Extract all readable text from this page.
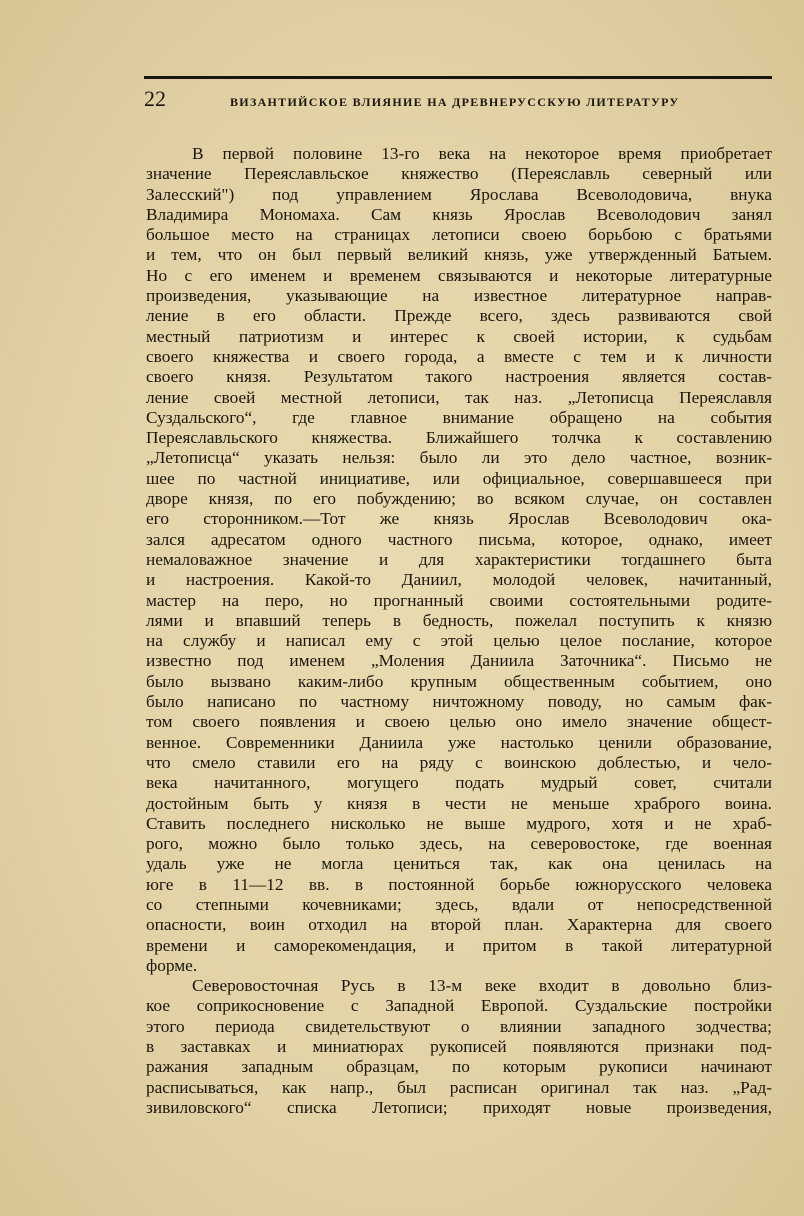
22	ВИЗАНТИЙСКОЕ ВЛИЯНИЕ НА ДРЕВНЕРУССКУЮ ЛИТЕРАТУРУ
В первой половине 13-го века на некоторое время приобретает
значение Переяславльское княжество (Переяславль северный или
Залесский") под управлением Ярослава Всеволодовича, внука
Владимира Мономаха. Сам князь Ярослав Всеволодович занял
большое место на страницах летописи своею борьбою с братьями
и тем, что он был первый великий князь, уже утвержденный Батыем.
Но с его именем и временем связываются и некоторые литературные
произведения, указывающие на известное литературное направ-
ление в его области. Прежде всего, здесь развиваются свой
местный патриотизм и интерес к своей истории, к судьбам
своего княжества и своего города, а вместе с тем и к личности
своего князя. Результатом такого настроения является состав-
ление своей местной летописи, так наз. „Летописца Переяславля
Суздальского“, где главное внимание обращено на события
Переяславльского княжества. Ближайшего толчка к составлению
„Летописца“ указать нельзя: было ли это дело частное, возник-
шее по частной инициативе, или официальное, совершавшееся при
дворе князя, по его побуждению; во всяком случае, он составлен
его сторонником.—Тот же князь Ярослав Всеволодович ока-
зался адресатом одного частного письма, которое, однако, имеет
немаловажное значение и для характеристики тогдашнего быта
и настроения. Какой-то Даниил, молодой человек, начитанный,
мастер на перо, но прогнанный своими состоятельными родите-
лями и впавший теперь в бедность, пожелал поступить к князю
на службу и написал ему с этой целью целое послание, которое
известно под именем „Моления Даниила Заточника“. Письмо не
было вызвано каким-либо крупным общественным событием, оно
было написано по частному ничтожному поводу, но самым фак-
том своего появления и своею целью оно имело значение общест-
венное. Современники Даниила уже настолько ценили образование,
что смело ставили его на ряду с воинскою доблестью, и чело-
века начитанного, могущего подать мудрый совет, считали
достойным быть у князя в чести не меньше храброго воина.
Ставить последнего нисколько не выше мудрого, хотя и не храб-
рого, можно было только здесь, на северовостоке, где военная
удаль уже не могла цениться так, как она ценилась на
юге в 11—12 вв. в постоянной борьбе южнорусского человека
со степными кочевниками; здесь, вдали от непосредственной
опасности, воин отходил на второй план. Характерна для своего
времени и саморекомендация, и притом в такой литературной
форме.
Северовосточная Русь в 13-м веке входит в довольно близ-
кое соприкосновение с Западной Европой. Суздальские постройки
этого периода свидетельствуют о влиянии западного зодчества;
в заставках и миниатюрах рукописей появляются признаки под-
ражания западным образцам, по которым рукописи начинают
расписываться, как напр., был расписан оригинал так наз. „Рад-
зивиловского“ списка Летописи; приходят новые произведения,
